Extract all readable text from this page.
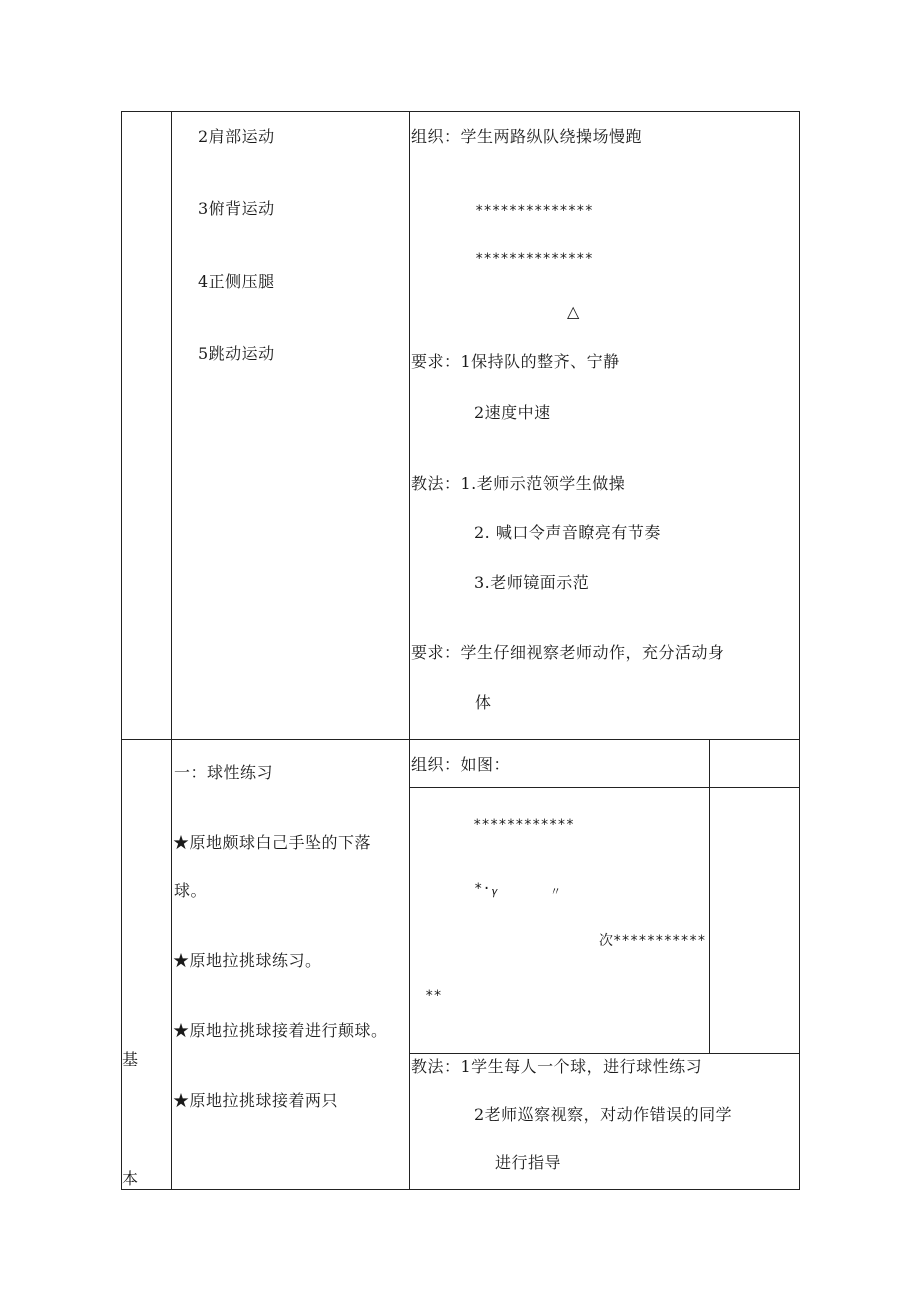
2肩部运动
3俯背运动
4正侧压腿
5跳动运动
组织：学生两路纵队绕操场慢跑
**************
**************
△
要求：1保持队的整齐、宁静
2速度中速
教法：1.老师示范领学生做操
2. 喊口令声音瞭亮有节奏
3.老师镜面示范
要求：学生仔细视察老师动作，充分活动身
体
基
本
一：球性练习
★原地颇球白己手坠的下落
球。
★原地拉挑球练习。
★原地拉挑球接着进行颠球。
★原地拉挑球接着两只
组织：如图：
************
*· 𝛾	〃
次***********
**
教法：1学生每人一个球，进行球性练习
2老师巡察视察，对动作错误的同学
进行指导
